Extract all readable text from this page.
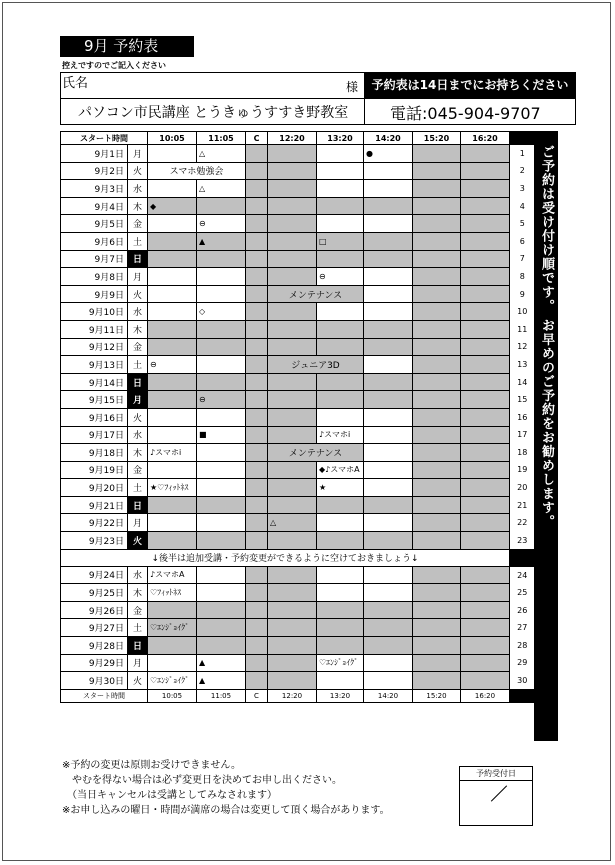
9月 予約表
控えですのでご記入ください
氏名	様	予約表は14日までにお持ちください
パソコン市民講座 とうきゅうすすき野教室	電話:045-904-9707
スタート時間		10:05	11:05	C	12:20	13:20	14:20	15:20	16:20	
9月1日	月		△				●			1
9月2日	火	スマホ勉強会								2
9月3日	水		△							3
9月4日	木	◆								4
9月5日	金		⊖							5
9月6日	土		▲			□				6
9月7日	日									7
9月8日	月					⊖				8
9月9日	火				メンテナンス					9
9月10日	水		◇							10
9月11日	木									11
9月12日	金									12
9月13日	土	⊖			ジュニア3D					13
9月14日	日									14
9月15日	月		⊖							15
9月16日	火									16
9月17日	水		■			♪スマホi				17
9月18日	木	♪スマホi			メンテナンス					18
9月19日	金					◆♪スマホA				19
9月20日	土	★♡ﾌｨｯﾄﾈｽ				★				20
9月21日	日									21
9月22日	月				△					22
9月23日	火									23
↓後半は追加受講・予約変更ができるように空けておきましょう↓										
9月24日	水	♪スマホA								24
9月25日	木	♡ﾌｨｯﾄﾈｽ								25
9月26日	金									26
9月27日	土	♡ｴﾝｼﾞｮｲｸﾞ								27
9月28日	日									28
9月29日	月		▲			♡ｴﾝｼﾞｮｲｸﾞ				29
9月30日	火	♡ｴﾝｼﾞｮｲｸﾞ	▲							30
スタート時間		10:05	11:05	C	12:20	13:20	14:20	15:20	16:20	
ご予約は受け付け順です。 お早めのご予約をお勧めします。
※予約の変更は原則お受けできません。
　やむを得ない場合は必ず変更日を決めてお申し出ください。
　（当日キャンセルは受講としてみなされます）
※お申し込みの曜日・時間が満席の場合は変更して頂く場合があります。
予約受付日
